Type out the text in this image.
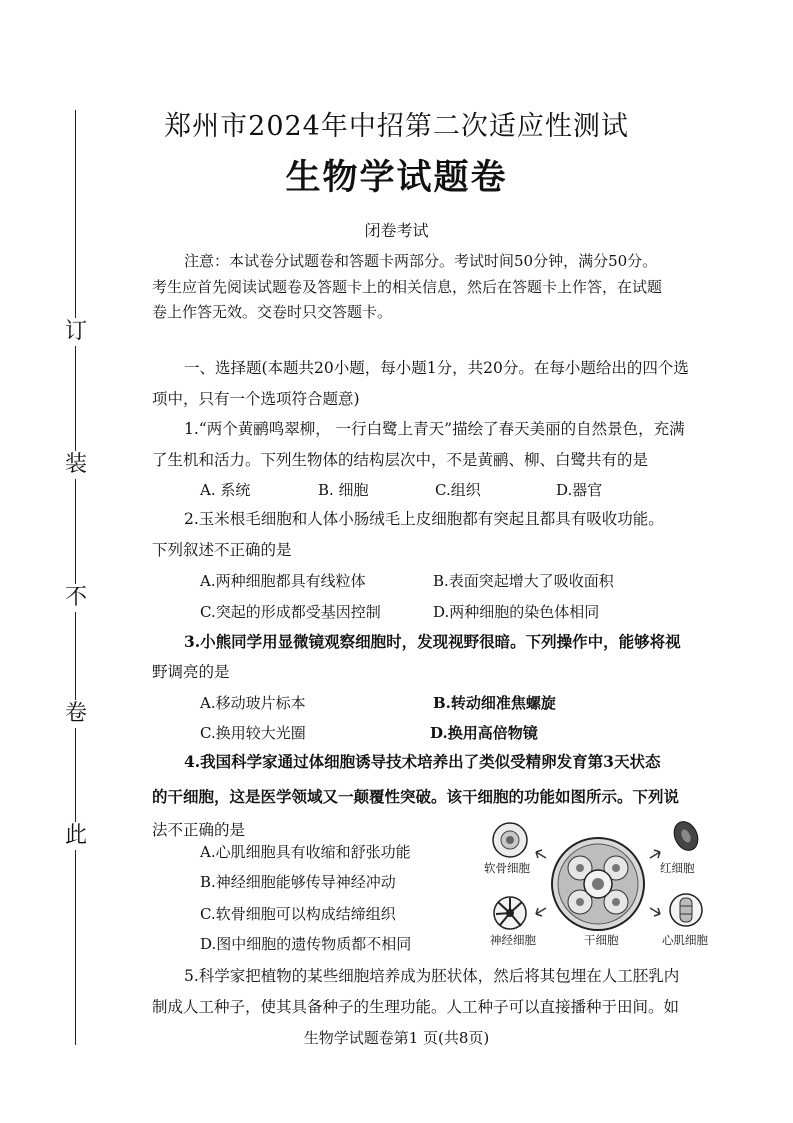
订
装
不
卷
此
郑州市2024年中招第二次适应性测试
生物学试题卷
闭卷考试
注意：本试卷分试题卷和答题卡两部分。考试时间50分钟，满分50分。
考生应首先阅读试题卷及答题卡上的相关信息，然后在答题卡上作答，在试题
卷上作答无效。交卷时只交答题卡。
一、选择题(本题共20小题，每小题1分，共20分。在每小题给出的四个选
项中，只有一个选项符合题意)
1.“两个黄鹂鸣翠柳， 一行白鹭上青天”描绘了春天美丽的自然景色，充满
了生机和活力。下列生物体的结构层次中，不是黄鹂、柳、白鹭共有的是
A. 系统	B. 细胞	C.组织	D.器官
2.玉米根毛细胞和人体小肠绒毛上皮细胞都有突起且都具有吸收功能。
下列叙述不正确的是
A.两种细胞都具有线粒体	B.表面突起增大了吸收面积
C.突起的形成都受基因控制	D.两种细胞的染色体相同
3.小熊同学用显微镜观察细胞时，发现视野很暗。下列操作中，能够将视
野调亮的是
A.移动玻片标本	B.转动细准焦螺旋
C.换用较大光圈	D.换用高倍物镜
4.我国科学家通过体细胞诱导技术培养出了类似受精卵发育第3天状态
的干细胞，这是医学领域又一颠覆性突破。该干细胞的功能如图所示。下列说
法不正确的是
A.心肌细胞具有收缩和舒张功能
B.神经细胞能够传导神经冲动
C.软骨细胞可以构成结缔组织
D.图中细胞的遗传物质都不相同
软骨细胞	红细胞
神经细胞	干细胞	心肌细胞
5.科学家把植物的某些细胞培养成为胚状体，然后将其包埋在人工胚乳内
制成人工种子，使其具备种子的生理功能。人工种子可以直接播种于田间。如
生物学试题卷第1 页(共8页)
